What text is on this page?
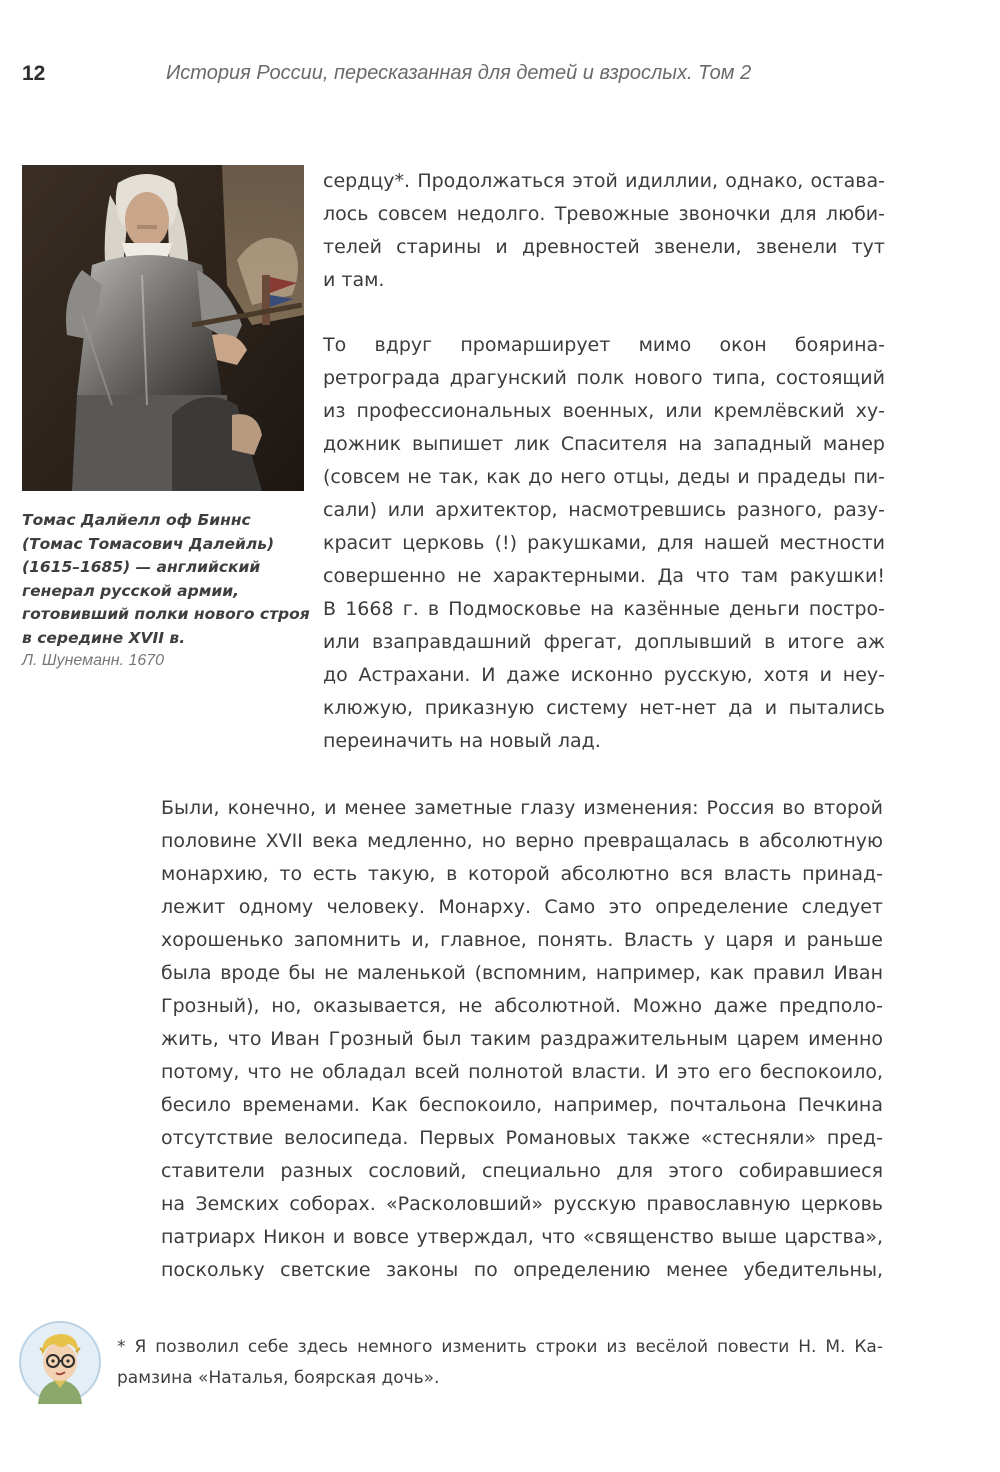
12	История России, пересказанная для детей и взрослых. Том 2
Томас Далйелл оф Биннс
(Томас Томасович Далейль)
(1615–1685) — английский
генерал русской армии,
готовивший полки нового строя
в середине XVII в.
Л. Шунеманн. 1670
сердцу*. Продолжаться этой идиллии, однако, остава-
лось совсем недолго. Тревожные звоночки для люби-
телей старины и древностей звенели, звенели тут
и там.
То вдруг промарширует мимо окон боярина-
ретрограда драгунский полк нового типа, состоящий
из профессиональных военных, или кремлёвский ху-
дожник выпишет лик Спасителя на западный манер
(совсем не так, как до него отцы, деды и прадеды пи-
сали) или архитектор, насмотревшись разного, разу-
красит церковь (!) ракушками, для нашей местности
совершенно не характерными. Да что там ракушки!
В 1668 г. в Подмосковье на казённые деньги постро-
или взаправдашний фрегат, доплывший в итоге аж
до Астрахани. И даже исконно русскую, хотя и неу-
клюжую, приказную систему нет-нет да и пытались
переиначить на новый лад.
Были, конечно, и менее заметные глазу изменения: Россия во второй
половине XVII века медленно, но верно превращалась в абсолютную
монархию, то есть такую, в которой абсолютно вся власть принад-
лежит одному человеку. Монарху. Само это определение следует
хорошенько запомнить и, главное, понять. Власть у царя и раньше
была вроде бы не маленькой (вспомним, например, как правил Иван
Грозный), но, оказывается, не абсолютной. Можно даже предполо-
жить, что Иван Грозный был таким раздражительным царем именно
потому, что не обладал всей полнотой власти. И это его беспокоило,
бесило временами. Как беспокоило, например, почтальона Печкина
отсутствие велосипеда. Первых Романовых также «стесняли» пред-
ставители разных сословий, специально для этого собиравшиеся
на Земских соборах. «Расколовший» русскую православную церковь
патриарх Никон и вовсе утверждал, что «священство выше царства»,
поскольку светские законы по определению менее убедительны,
* Я позволил себе здесь немного изменить строки из весёлой повести Н. М. Ка-
рамзина «Наталья, боярская дочь».
